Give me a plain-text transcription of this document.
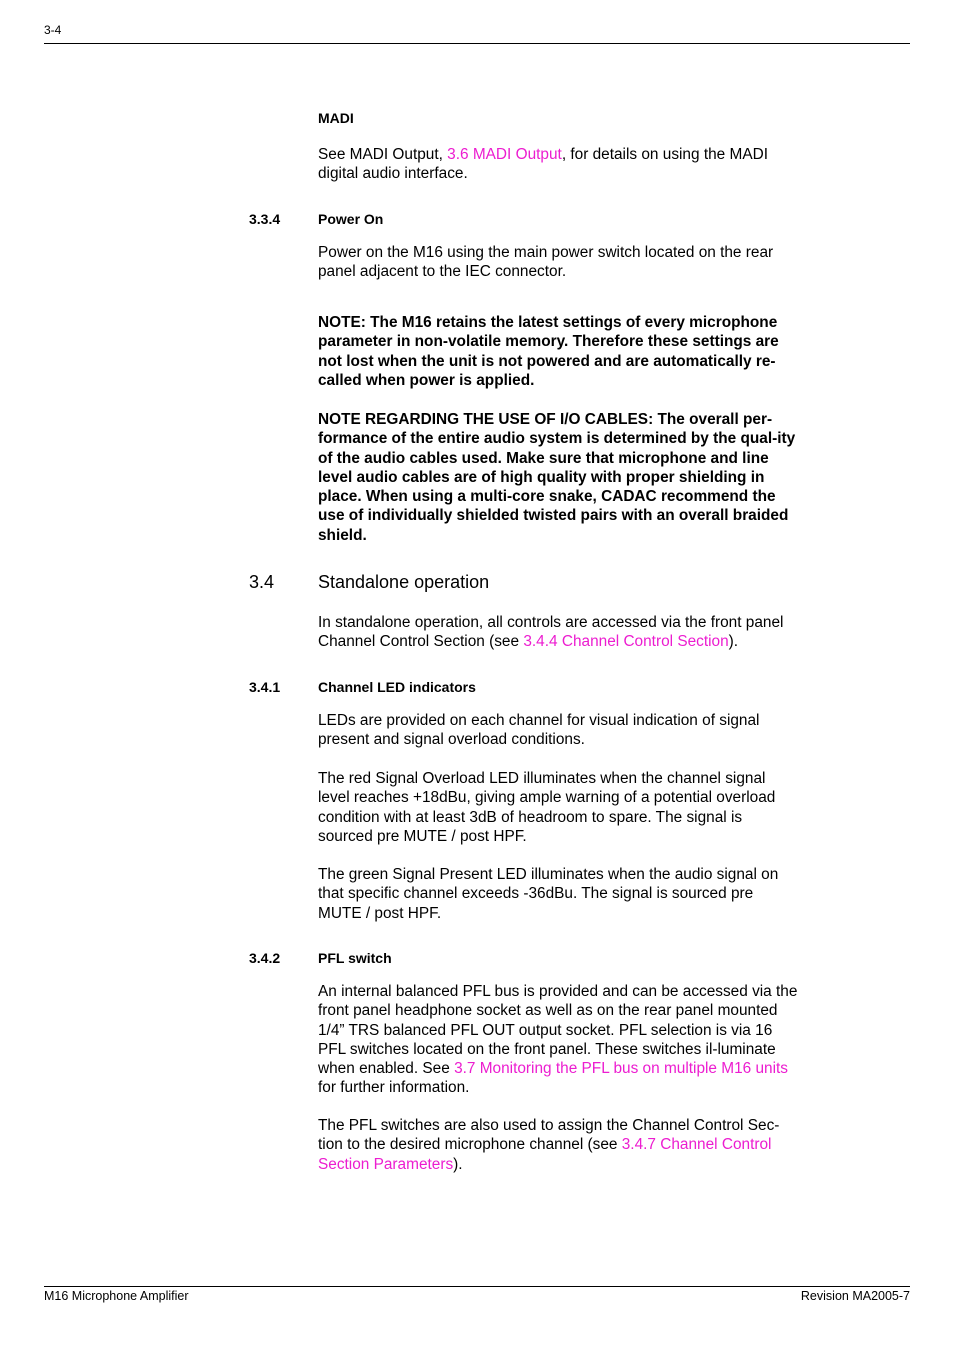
3-4
MADI
See MADI Output, 3.6 MADI Output, for details on using the MADI digital audio interface.
3.3.4	Power On
Power on the M16 using the main power switch located on the rear panel adjacent to the IEC connector.
NOTE: The M16 retains the latest settings of every microphone parameter in non-volatile memory. Therefore these settings are not lost when the unit is not powered and are automatically re-called when power is applied.
NOTE REGARDING THE USE OF I/O CABLES: The overall per-formance of the entire audio system is determined by the qual-ity of the audio cables used. Make sure that microphone and line level audio cables are of high quality with proper shielding in place. When using a multi-core snake, CADAC recommend the use of individually shielded twisted pairs with an overall braided shield.
3.4 Standalone operation
In standalone operation, all controls are accessed via the front panel Channel Control Section (see 3.4.4 Channel Control Section).
3.4.1	Channel LED indicators
LEDs are provided on each channel for visual indication of signal present and signal overload conditions.
The red Signal Overload LED illuminates when the channel signal level reaches +18dBu, giving ample warning of a potential overload condition with at least 3dB of headroom to spare. The signal is sourced pre MUTE / post HPF.
The green Signal Present LED illuminates when the audio signal on that specific channel exceeds -36dBu. The signal is sourced pre MUTE / post HPF.
3.4.2	PFL switch
An internal balanced PFL bus is provided and can be accessed via the front panel headphone socket as well as on the rear panel mounted 1/4” TRS balanced PFL OUT output socket. PFL selection is via 16 PFL switches located on the front panel. These switches il-luminate when enabled. See 3.7 Monitoring the PFL bus on multiple M16 units for further information.
The PFL switches are also used to assign the Channel Control Sec-tion to the desired microphone channel (see 3.4.7 Channel Control Section Parameters).
M16 Microphone Amplifier	Revision MA2005-7
